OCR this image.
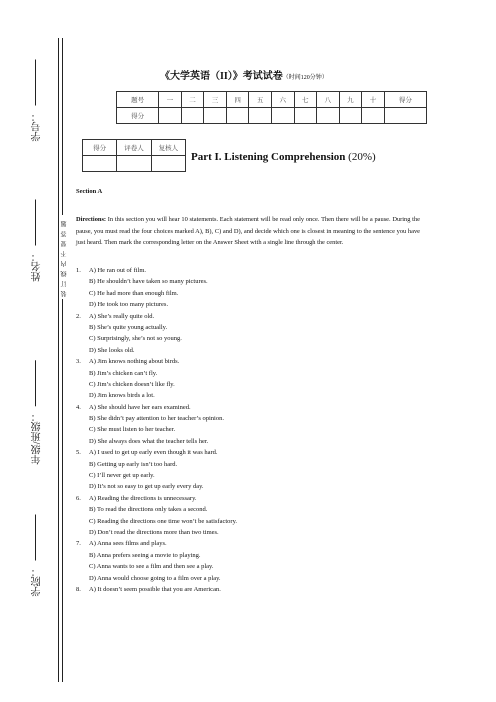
学号：
姓名：
年级/班级：
学院：
装订线内不要答题
《大学英语（II）》考试试卷（时间120分钟）
题号	一	二	三	四	五	六	七	八	九	十	得分
得分											
得分	评卷人	复核人

Part I. Listening Comprehension (20%)
Section A
Directions: In this section you will hear 10 statements. Each statement will be read only once. Then there will be a pause. During the pause, you must read the four choices marked A), B), C) and D), and decide which one is closest in meaning to the sentence you have just heard. Then mark the corresponding letter on the Answer Sheet with a single line through the center.
1. A) He ran out of film.
B) He shouldn’t have taken so many pictures.
C) He had more than enough film.
D) He took too many pictures.
2. A) She’s really quite old.
B) She’s quite young actually.
C) Surprisingly, she’s not so young.
D) She looks old.
3. A) Jim knows nothing about birds.
B) Jim’s chicken can’t fly.
C) Jim’s chicken doesn’t like fly.
D) Jim knows birds a lot.
4. A) She should have her ears examined.
B) She didn’t pay attention to her teacher’s opinion.
C) She must listen to her teacher.
D) She always does what the teacher tells her.
5. A) I used to get up early even though it was hard.
B) Getting up early isn’t too hard.
C) I’ll never get up early.
D) It’s not so easy to get up early every day.
6. A) Reading the directions is unnecessary.
B) To read the directions only takes a second.
C) Reading the directions one time won’t be satisfactory.
D) Don’t read the directions more than two times.
7. A) Anna sees films and plays.
B) Anna prefers seeing a movie to playing.
C) Anna wants to see a film and then see a play.
D) Anna would choose going to a film over a play.
8. A) It doesn’t seem possible that you are American.
